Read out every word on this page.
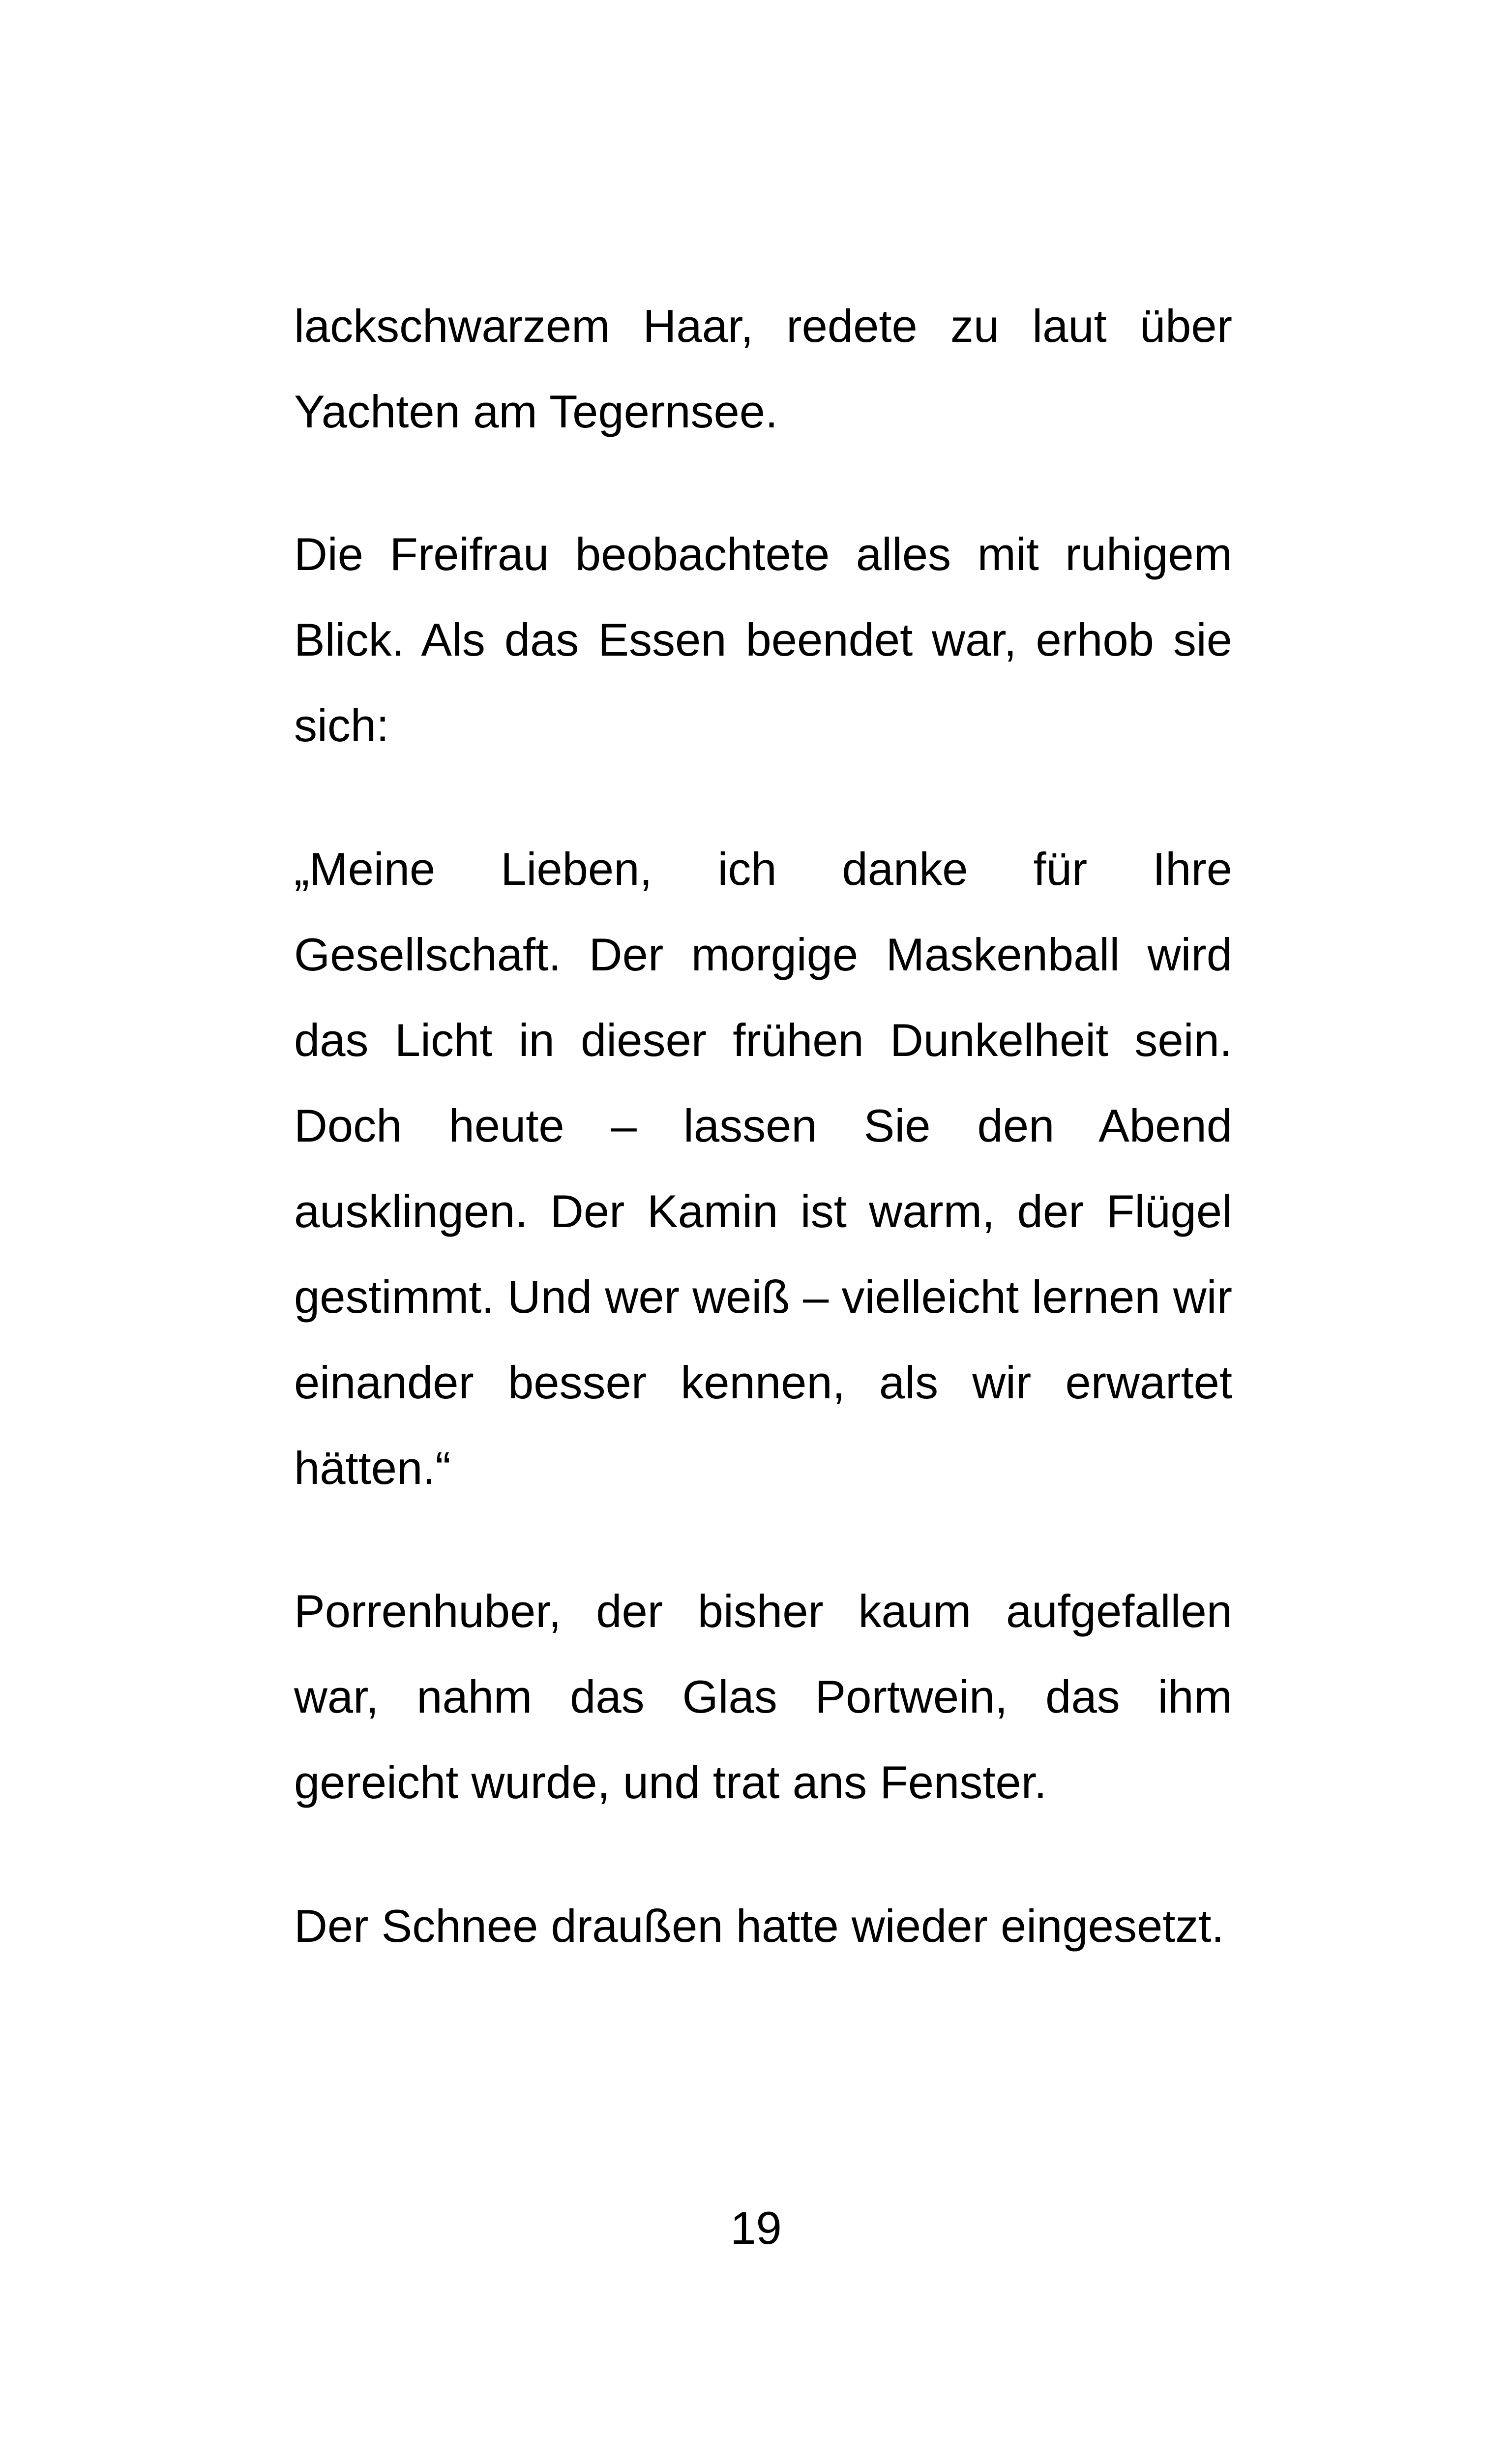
lackschwarzem Haar, redete zu laut über Yachten am Tegernsee.

Die Freifrau beobachtete alles mit ruhigem Blick. Als das Essen beendet war, erhob sie sich:

„Meine Lieben, ich danke für Ihre Gesellschaft. Der morgige Maskenball wird das Licht in dieser frühen Dunkelheit sein. Doch heute – lassen Sie den Abend ausklingen. Der Kamin ist warm, der Flügel gestimmt. Und wer weiß – vielleicht lernen wir einander besser kennen, als wir erwartet hätten.“

Porrenhuber, der bisher kaum aufgefallen war, nahm das Glas Portwein, das ihm gereicht wurde, und trat ans Fenster.

Der Schnee draußen hatte wieder eingesetzt.

19
